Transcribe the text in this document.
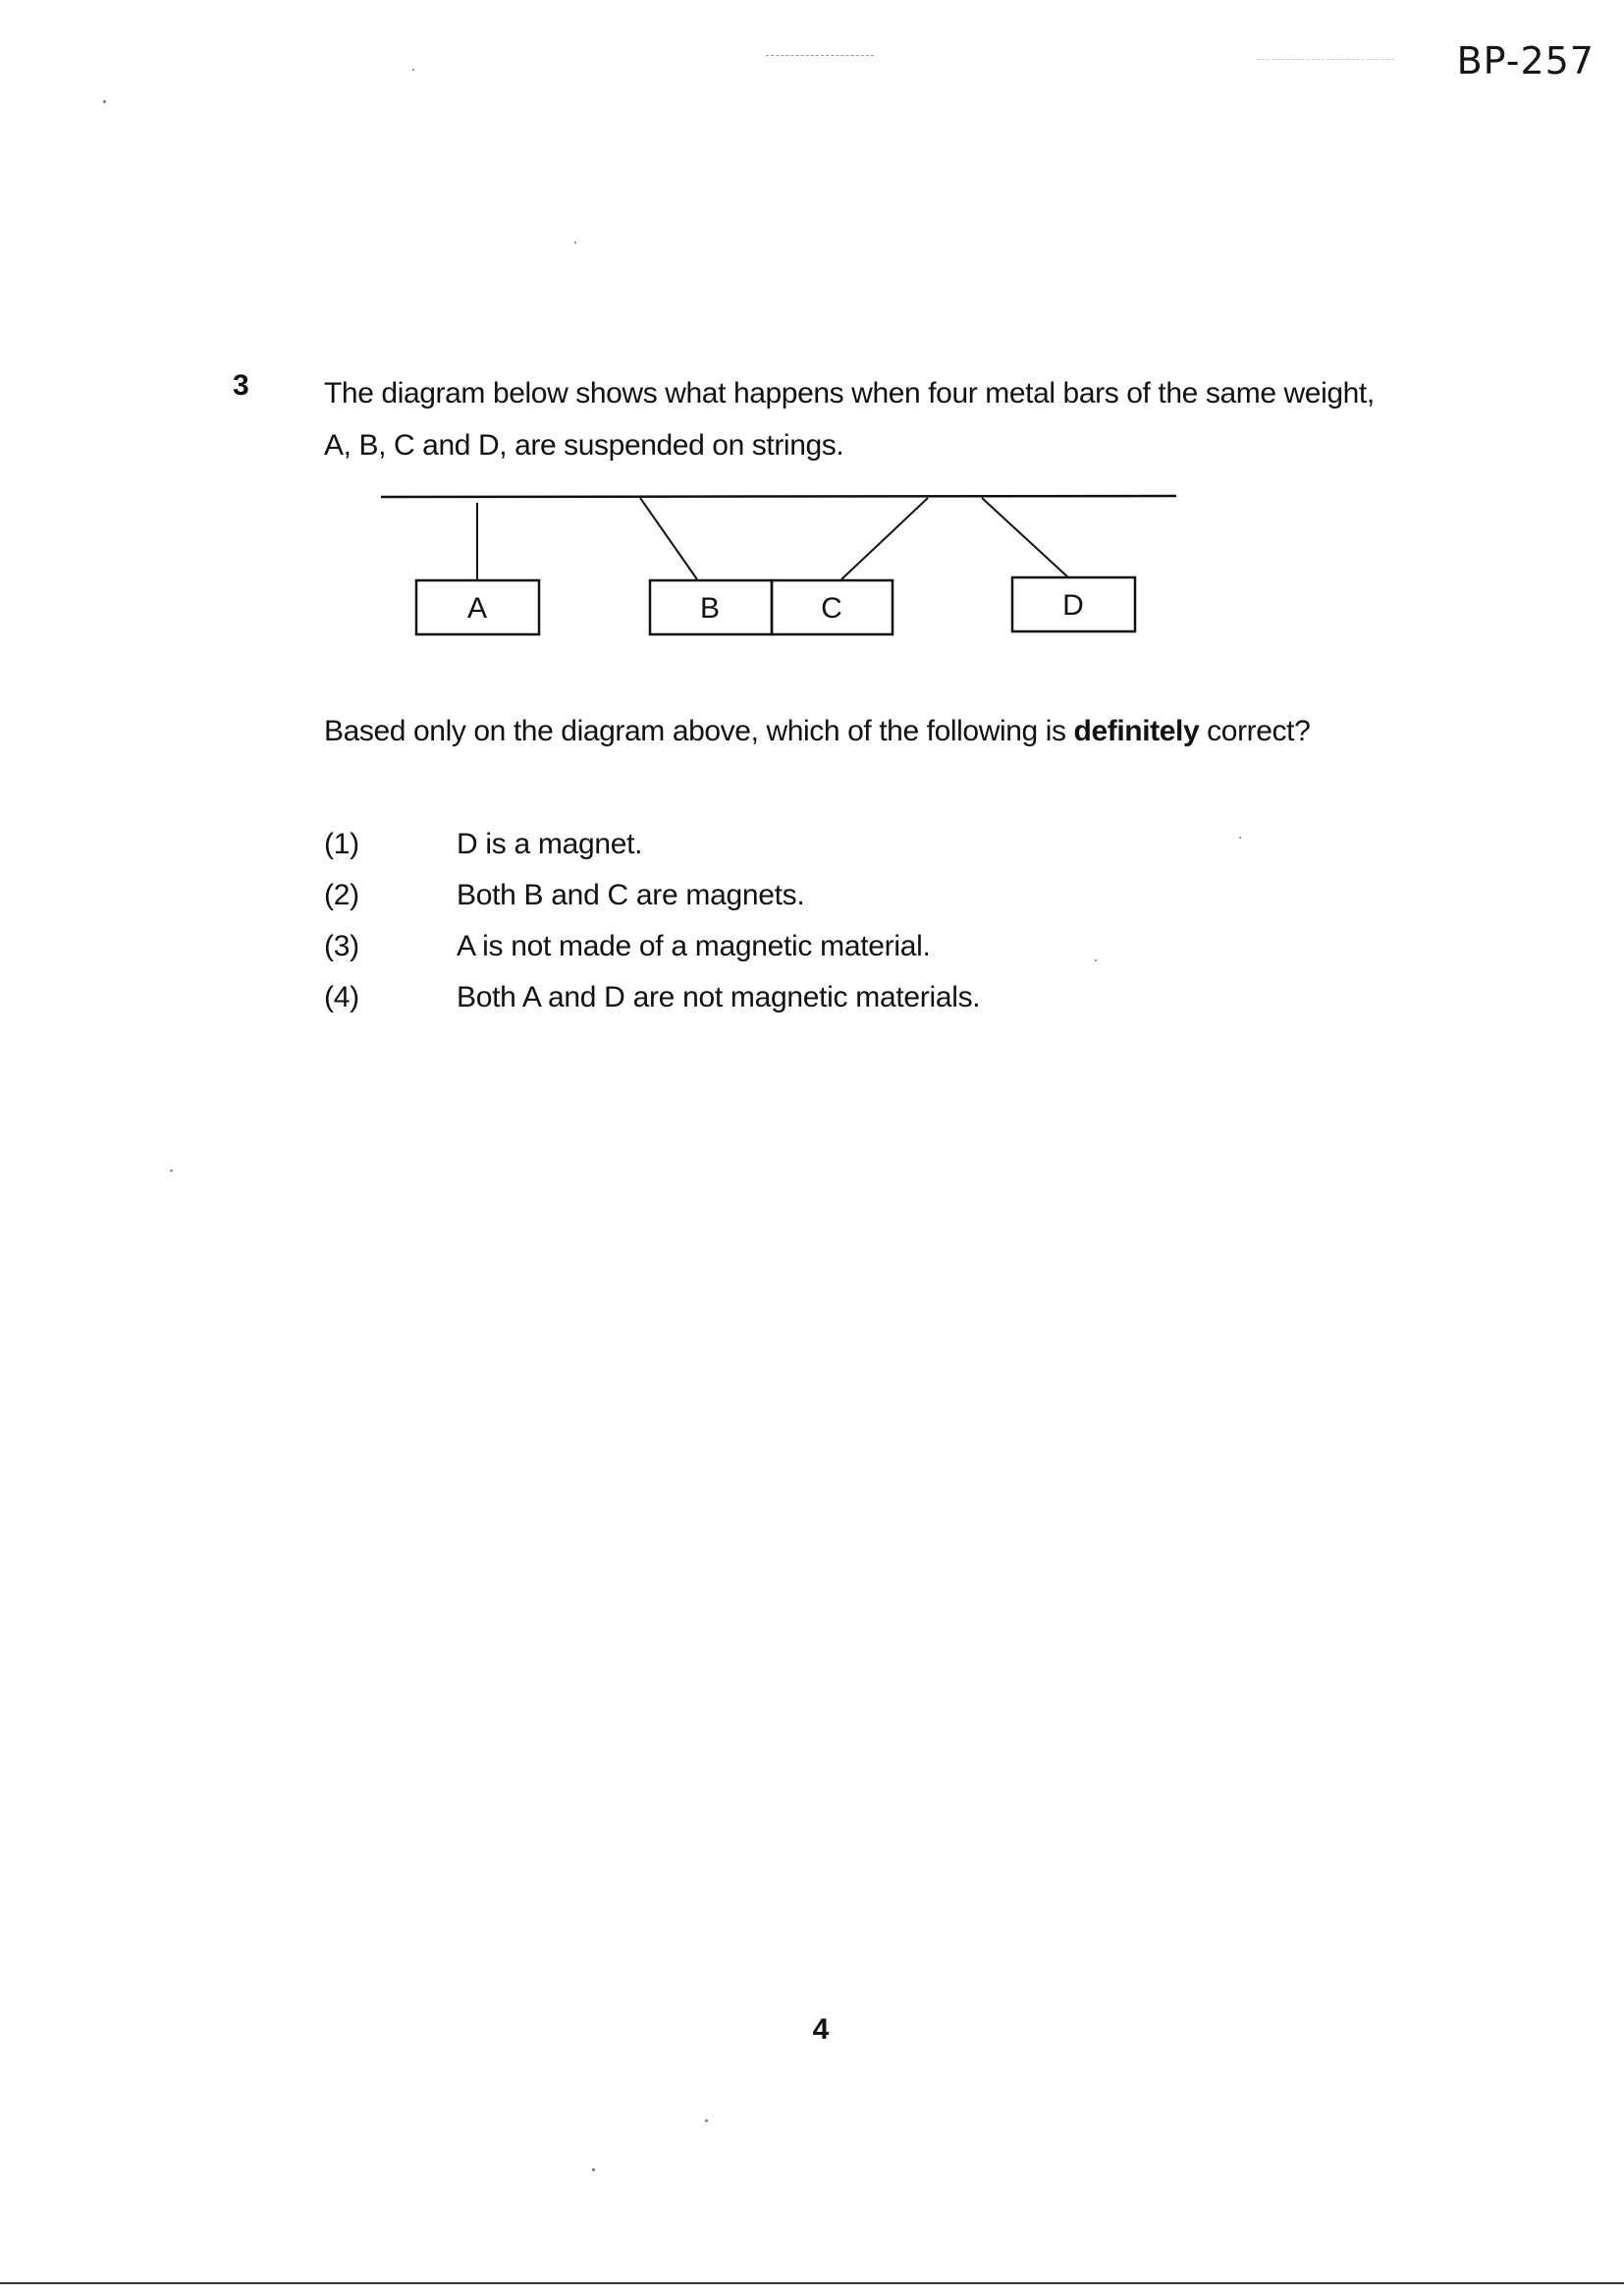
BP-257
3	The diagram below shows what happens when four metal bars of the same weight,
A, B, C and D, are suspended on strings.
A	B	C	D
Based only on the diagram above, which of the following is definitely correct?
(1)	D is a magnet.
(2)	Both B and C are magnets.
(3)	A is not made of a magnetic material.
(4)	Both A and D are not magnetic materials.
4
